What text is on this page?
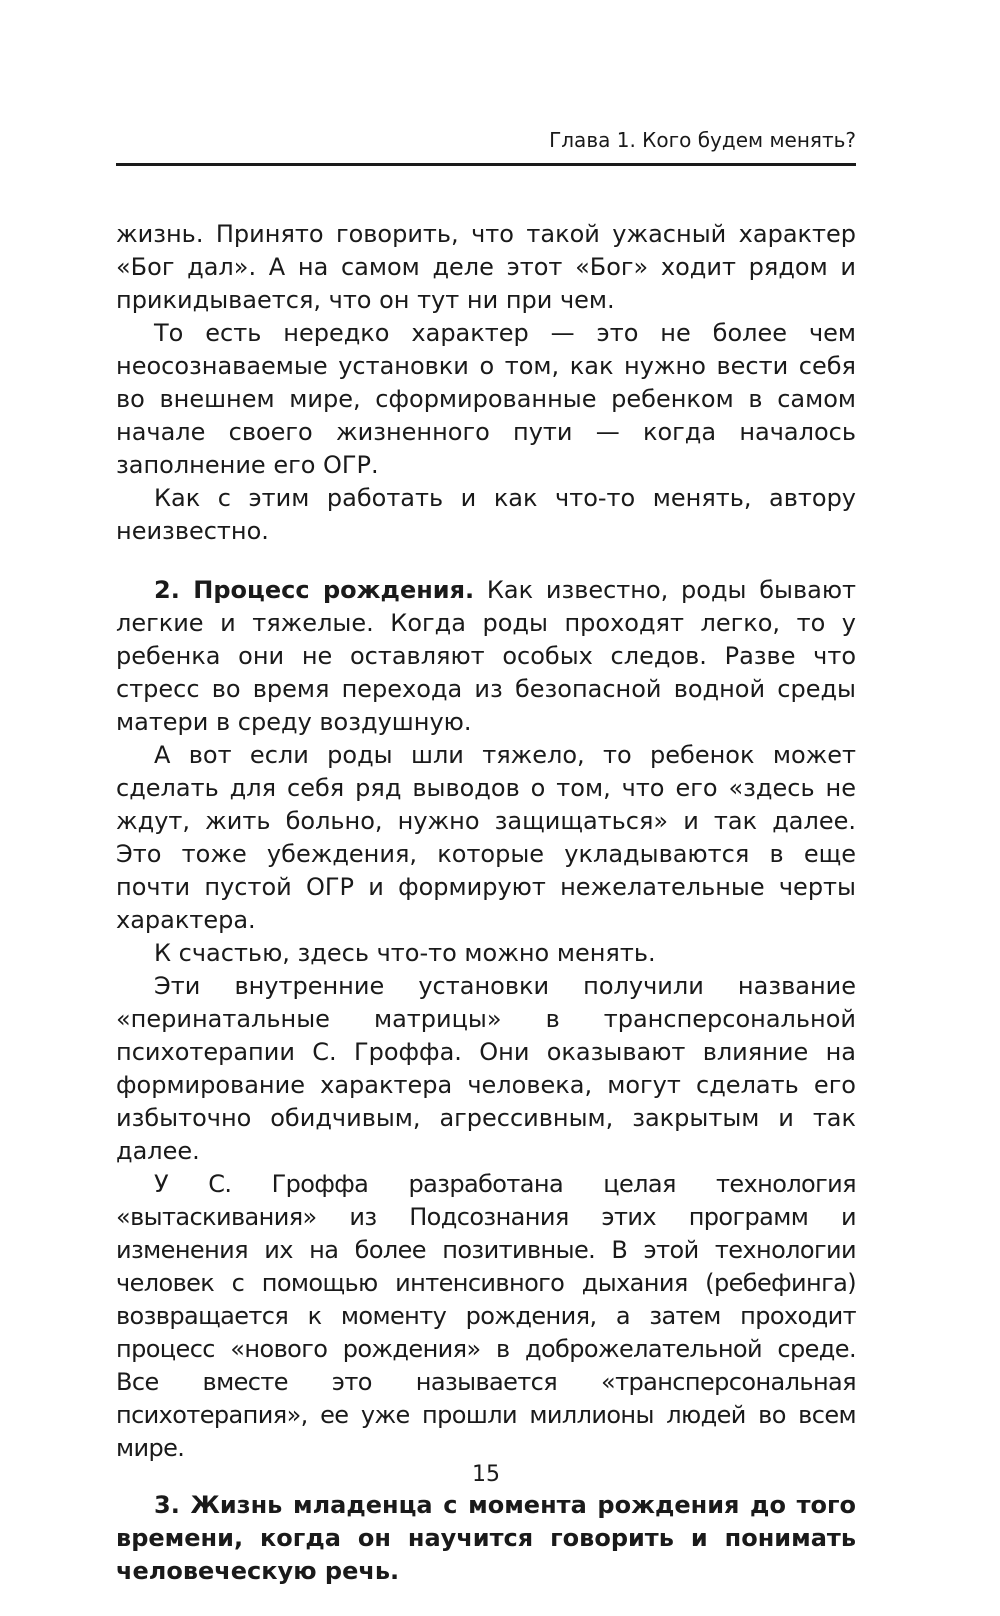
Глава 1. Кого будем менять?

жизнь. Принято говорить, что такой ужасный характер «Бог дал». А на самом деле этот «Бог» ходит рядом и прикидывается, что он тут ни при чем.

То есть нередко характер — это не более чем неосознаваемые установки о том, как нужно вести себя во внешнем мире, сформированные ребенком в самом начале своего жизненного пути — когда началось заполнение его ОГР.

Как с этим работать и как что-то менять, автору неизвестно.

2. Процесс рождения. Как известно, роды бывают легкие и тяжелые. Когда роды проходят легко, то у ребенка они не оставляют особых следов. Разве что стресс во время перехода из безопасной водной среды матери в среду воздушную.

А вот если роды шли тяжело, то ребенок может сделать для себя ряд выводов о том, что его «здесь не ждут, жить больно, нужно защищаться» и так далее. Это тоже убеждения, которые укладываются в еще почти пустой ОГР и формируют нежелательные черты характера.

К счастью, здесь что-то можно менять.

Эти внутренние установки получили название «перинатальные матрицы» в трансперсональной психотерапии С. Гроффа. Они оказывают влияние на формирование характера человека, могут сделать его избыточно обидчивым, агрессивным, закрытым и так далее.

У С. Гроффа разработана целая технология «вытаскивания» из Подсознания этих программ и изменения их на более позитивные. В этой технологии человек с помощью интенсивного дыхания (ребефинга) возвращается к моменту рождения, а затем проходит процесс «нового рождения» в доброжелательной среде. Все вместе это называется «трансперсональная психотерапия», ее уже прошли миллионы людей во всем мире.

3. Жизнь младенца с момента рождения до того времени, когда он научится говорить и понимать человеческую речь.

15
